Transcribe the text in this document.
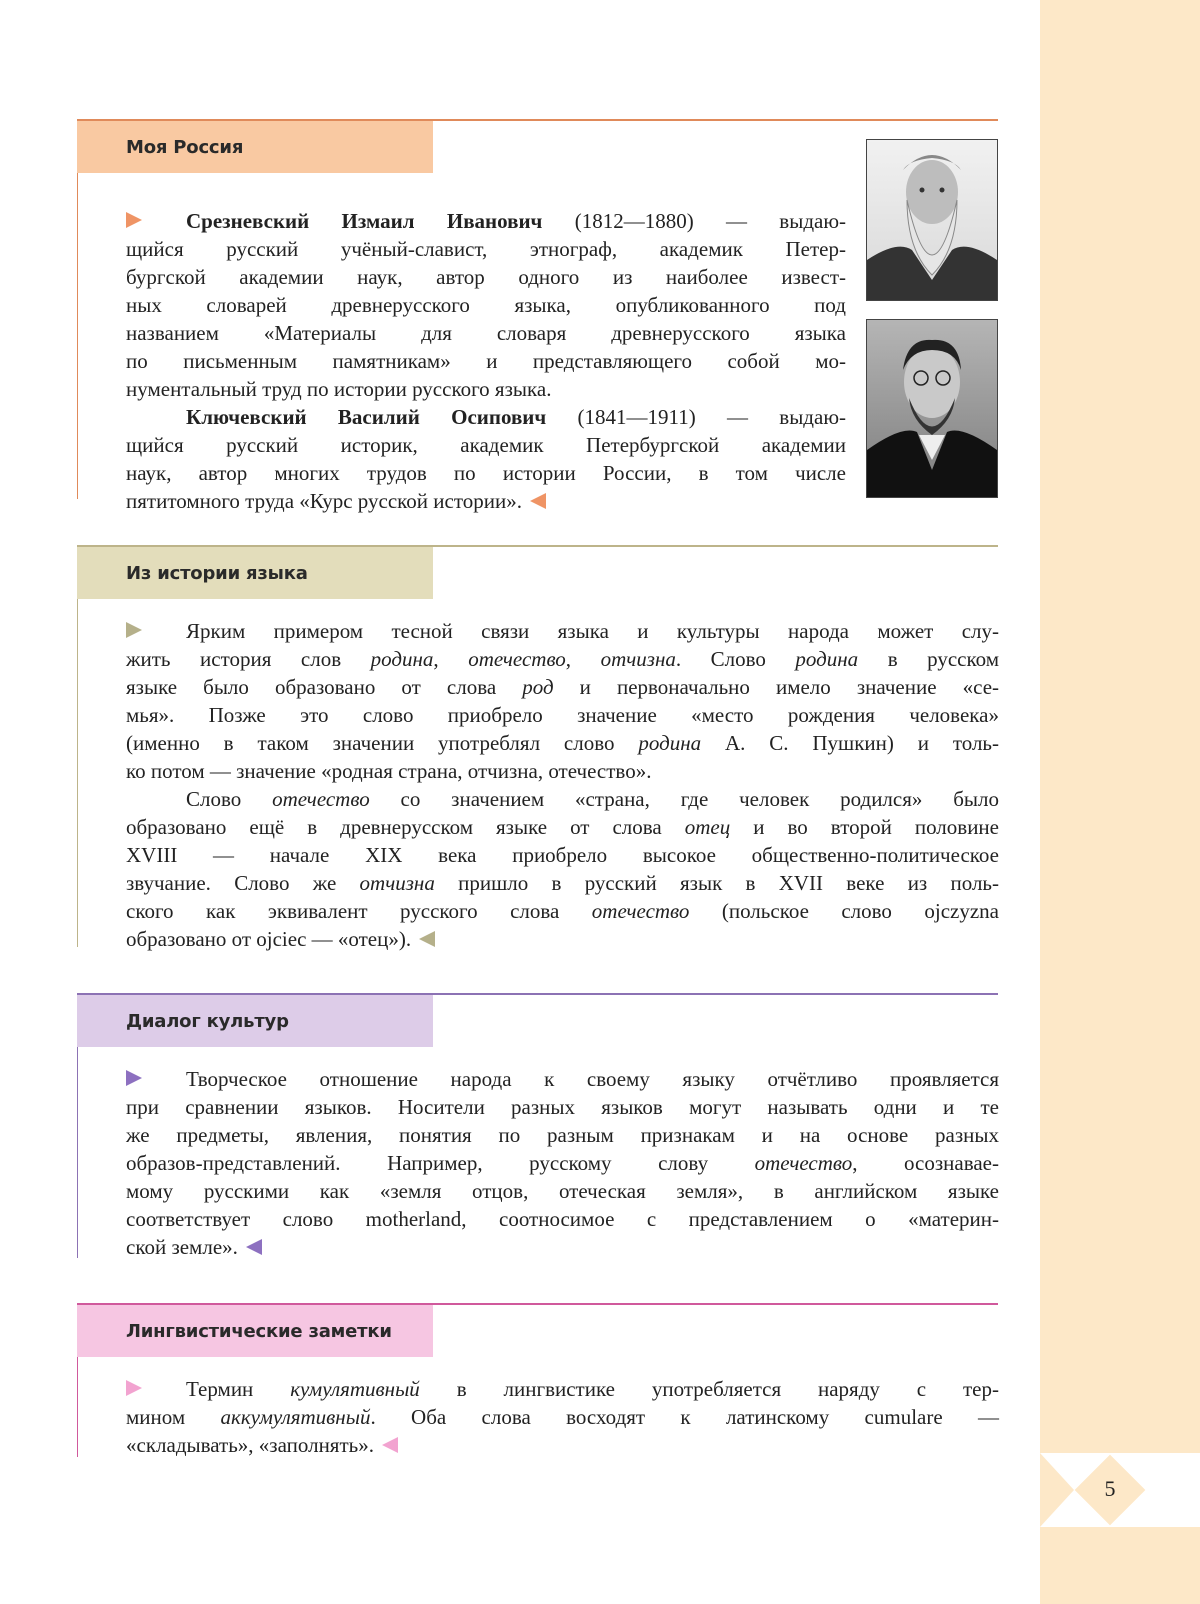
5
Моя Россия
Срезневский Измаил Иванович (1812—1880) — выдаю-
щийся русский учёный-славист, этнограф, академик Петер-
бургской академии наук, автор одного из наиболее извест-
ных словарей древнерусского языка, опубликованного под
названием «Материалы для словаря древнерусского языка
по письменным памятникам» и представляющего собой мо-
нументальный труд по истории русского языка.
Ключевский Василий Осипович (1841—1911) — выдаю-
щийся русский историк, академик Петербургской академии
наук, автор многих трудов по истории России, в том числе
пятитомного труда «Курс русской истории».
Из истории языка
Ярким примером тесной связи языка и культуры народа может слу-
жить история слов родина, отечество, отчизна. Слово родина в русском
языке было образовано от слова род и первоначально имело значение «се-
мья». Позже это слово приобрело значение «место рождения человека»
(именно в таком значении употреблял слово родина А. С. Пушкин) и толь-
ко потом — значение «родная страна, отчизна, отечество».
Слово отечество со значением «страна, где человек родился» было
образовано ещё в древнерусском языке от слова отец и во второй половине
XVIII — начале XIX века приобрело высокое общественно-политическое
звучание. Слово же отчизна пришло в русский язык в XVII веке из поль-
ского как эквивалент русского слова отечество (польское слово ojczyzna
образовано от ojciec — «отец»).
Диалог культур
Творческое отношение народа к своему языку отчётливо проявляется
при сравнении языков. Носители разных языков могут называть одни и те
же предметы, явления, понятия по разным признакам и на основе разных
образов-представлений. Например, русскому слову отечество, осознавае-
мому русскими как «земля отцов, отеческая земля», в английском языке
соответствует слово motherland, соотносимое с представлением о «материн-
ской земле».
Лингвистические заметки
Термин кумулятивный в лингвистике употребляется наряду с тер-
мином аккумулятивный. Оба слова восходят к латинскому cumulare —
«складывать», «заполнять».
